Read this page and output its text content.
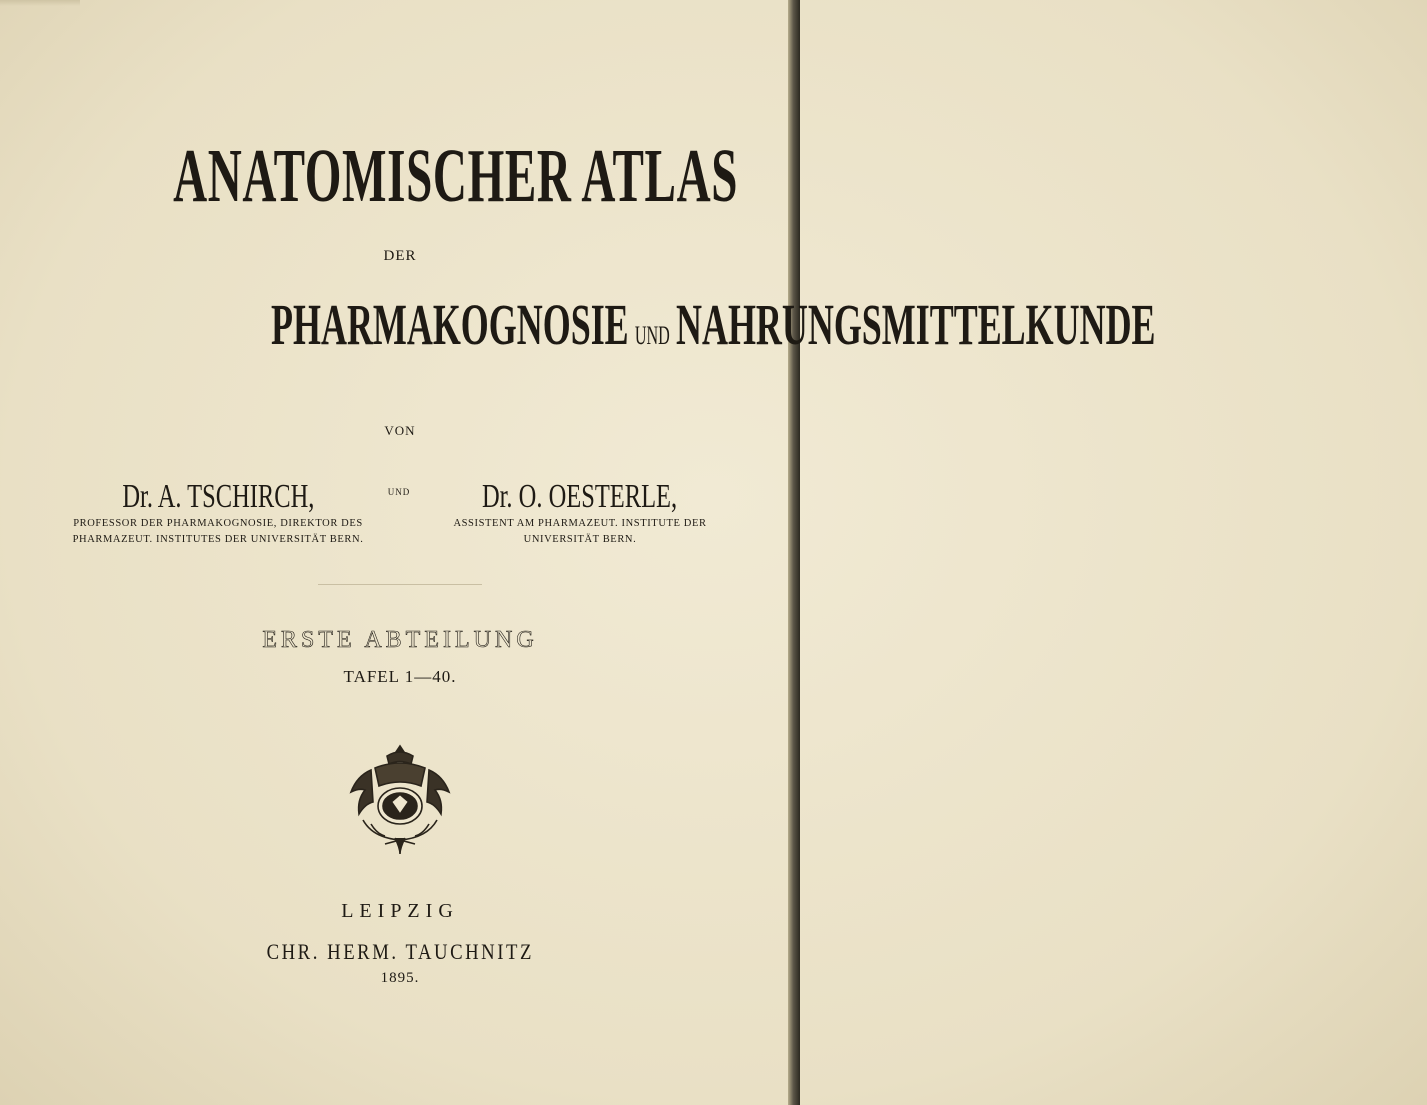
ANATOMISCHER ATLAS
DER
PHARMAKOGNOSIE UND NAHRUNGSMITTELKUNDE
VON
Dr. A. TSCHIRCH,
PROFESSOR DER PHARMAKOGNOSIE, DIREKTOR DES
PHARMAZEUT. INSTITUTES DER UNIVERSITÄT BERN.
UND	Dr. O. OESTERLE,
ASSISTENT AM PHARMAZEUT. INSTITUTE DER
UNIVERSITÄT BERN.
ERSTE ABTEILUNG
TAFEL 1—40.
LEIPZIG
CHR. HERM. TAUCHNITZ
1895.
